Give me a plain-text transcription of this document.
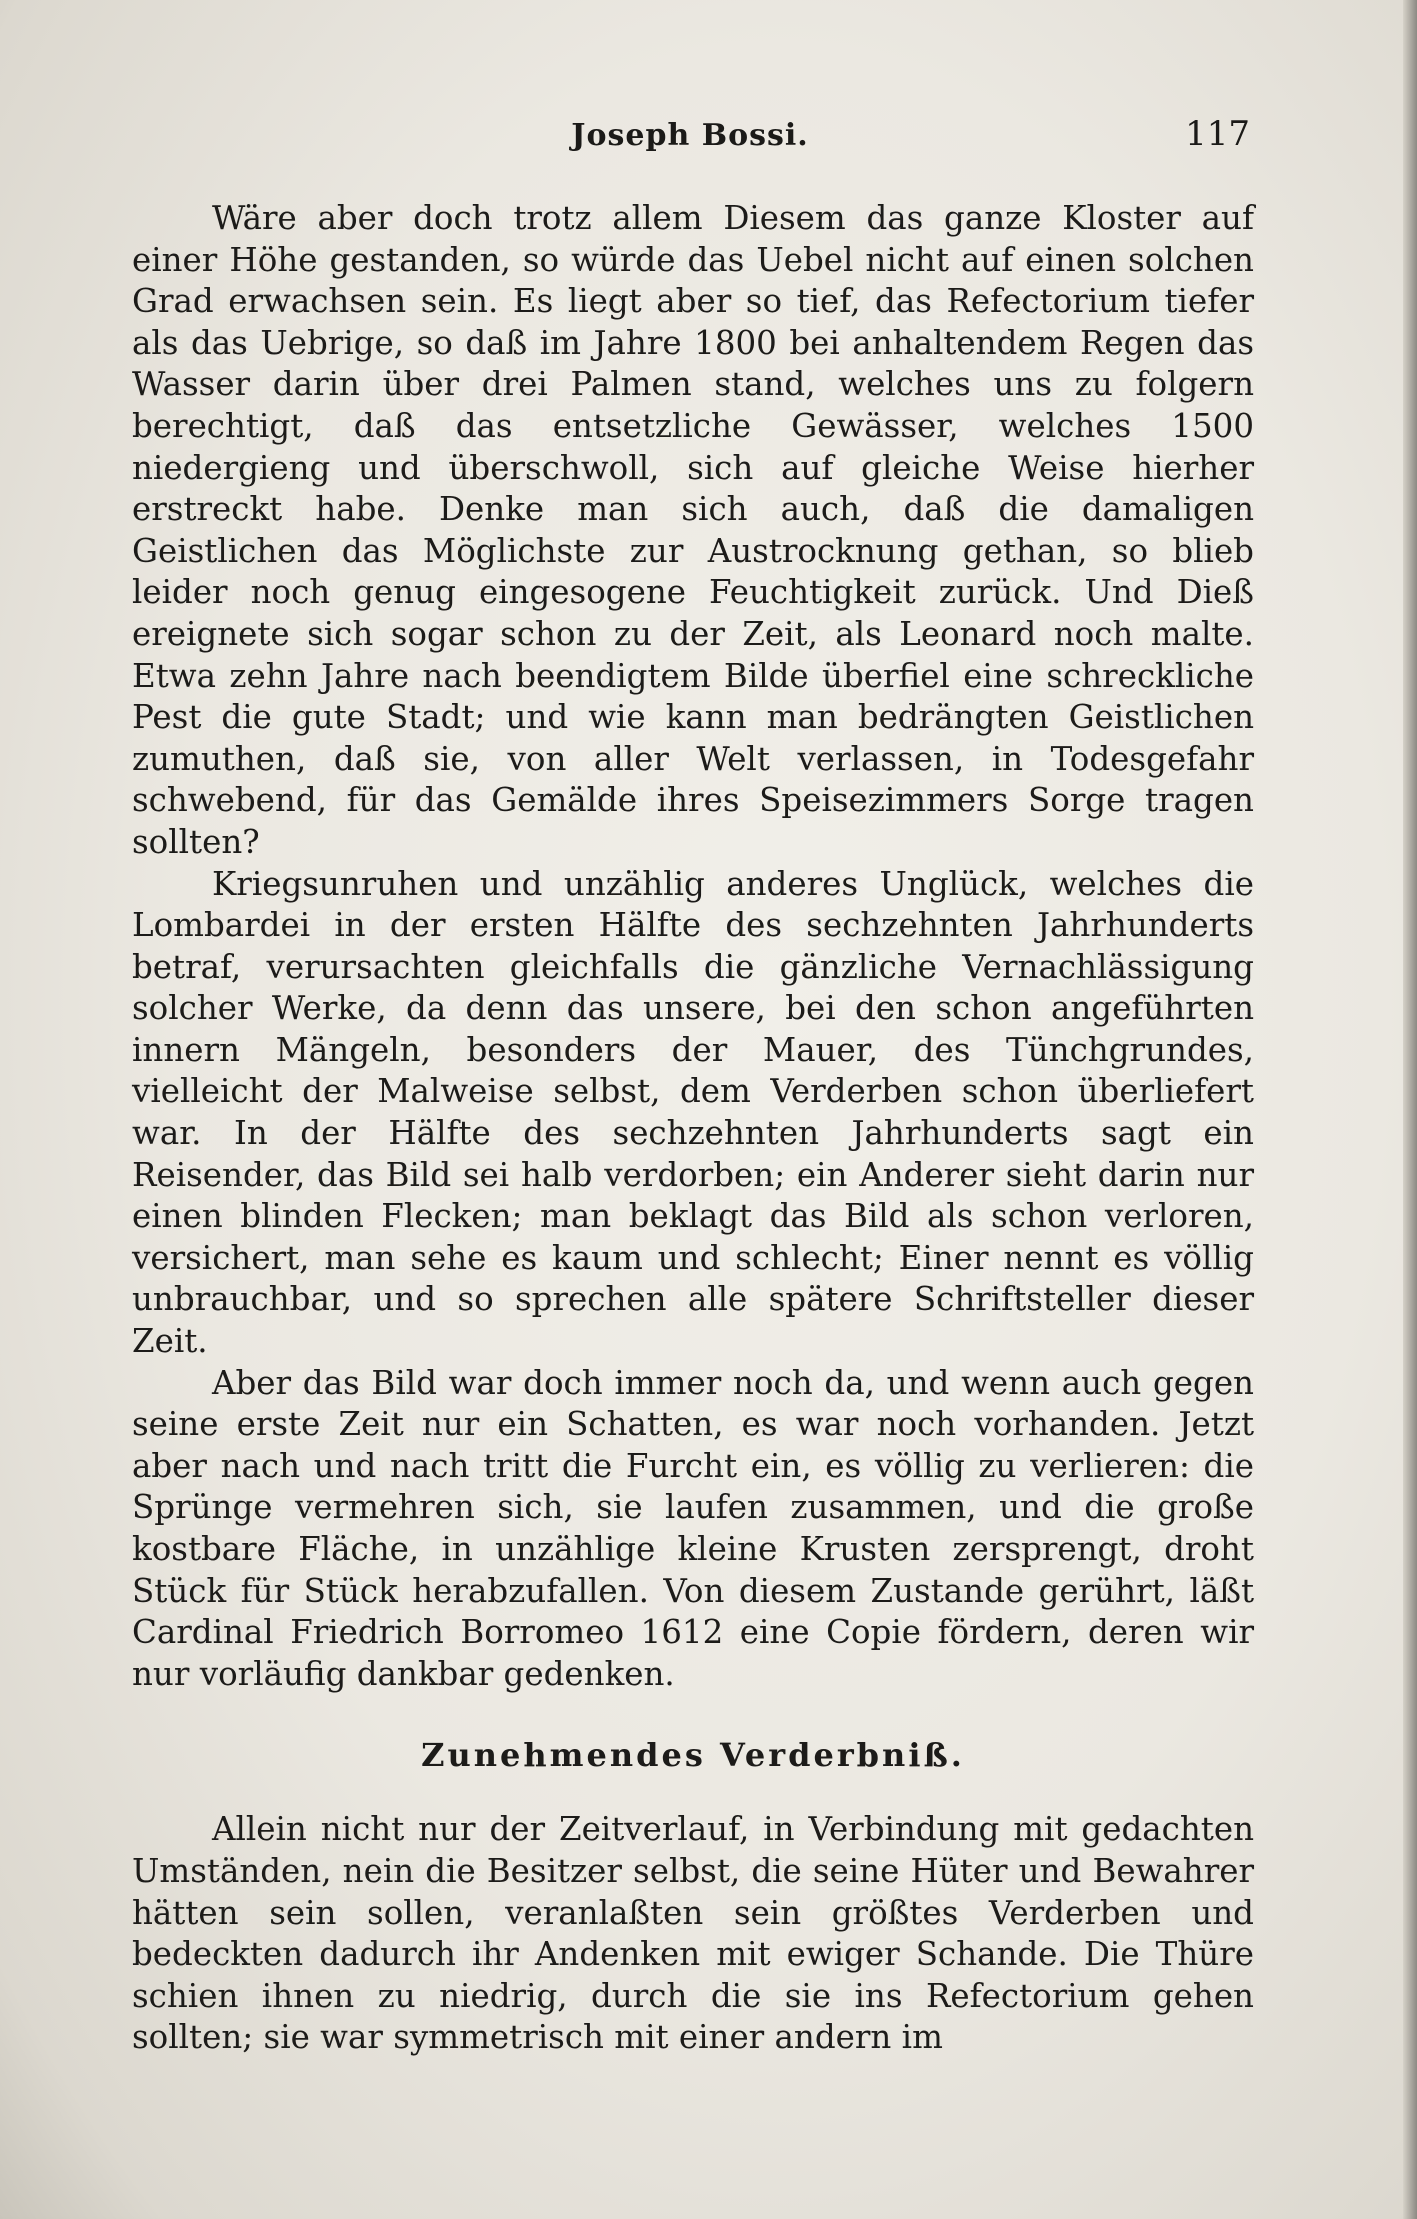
Joseph Bossi.	117

Wäre aber doch trotz allem Diesem das ganze Kloster auf einer Höhe gestanden, so würde das Uebel nicht auf einen solchen Grad erwachsen sein. Es liegt aber so tief, das Refectorium tiefer als das Uebrige, so daß im Jahre 1800 bei anhaltendem Regen das Wasser darin über drei Palmen stand, welches uns zu folgern berechtigt, daß das entsetzliche Gewässer, welches 1500 niedergieng und überschwoll, sich auf gleiche Weise hierher erstreckt habe. Denke man sich auch, daß die damaligen Geistlichen das Möglichste zur Austrocknung gethan, so blieb leider noch genug eingesogene Feuchtigkeit zurück. Und Dieß ereignete sich sogar schon zu der Zeit, als Leonard noch malte. Etwa zehn Jahre nach beendigtem Bilde überfiel eine schreckliche Pest die gute Stadt; und wie kann man bedrängten Geistlichen zumuthen, daß sie, von aller Welt verlassen, in Todesgefahr schwebend, für das Gemälde ihres Speisezimmers Sorge tragen sollten?

Kriegsunruhen und unzählig anderes Unglück, welches die Lombardei in der ersten Hälfte des sechzehnten Jahrhunderts betraf, verursachten gleichfalls die gänzliche Vernachlässigung solcher Werke, da denn das unsere, bei den schon angeführten innern Mängeln, besonders der Mauer, des Tünchgrundes, vielleicht der Malweise selbst, dem Verderben schon überliefert war. In der Hälfte des sechzehnten Jahrhunderts sagt ein Reisender, das Bild sei halb verdorben; ein Anderer sieht darin nur einen blinden Flecken; man beklagt das Bild als schon verloren, versichert, man sehe es kaum und schlecht; Einer nennt es völlig unbrauchbar, und so sprechen alle spätere Schriftsteller dieser Zeit.

Aber das Bild war doch immer noch da, und wenn auch gegen seine erste Zeit nur ein Schatten, es war noch vorhanden. Jetzt aber nach und nach tritt die Furcht ein, es völlig zu verlieren: die Sprünge vermehren sich, sie laufen zusammen, und die große kostbare Fläche, in unzählige kleine Krusten zersprengt, droht Stück für Stück herabzufallen. Von diesem Zustande gerührt, läßt Cardinal Friedrich Borromeo 1612 eine Copie fördern, deren wir nur vorläufig dankbar gedenken.

Zunehmendes Verderbniß.

Allein nicht nur der Zeitverlauf, in Verbindung mit gedachten Umständen, nein die Besitzer selbst, die seine Hüter und Bewahrer hätten sein sollen, veranlaßten sein größtes Verderben und bedeckten dadurch ihr Andenken mit ewiger Schande. Die Thüre schien ihnen zu niedrig, durch die sie ins Refectorium gehen sollten; sie war symmetrisch mit einer andern im
